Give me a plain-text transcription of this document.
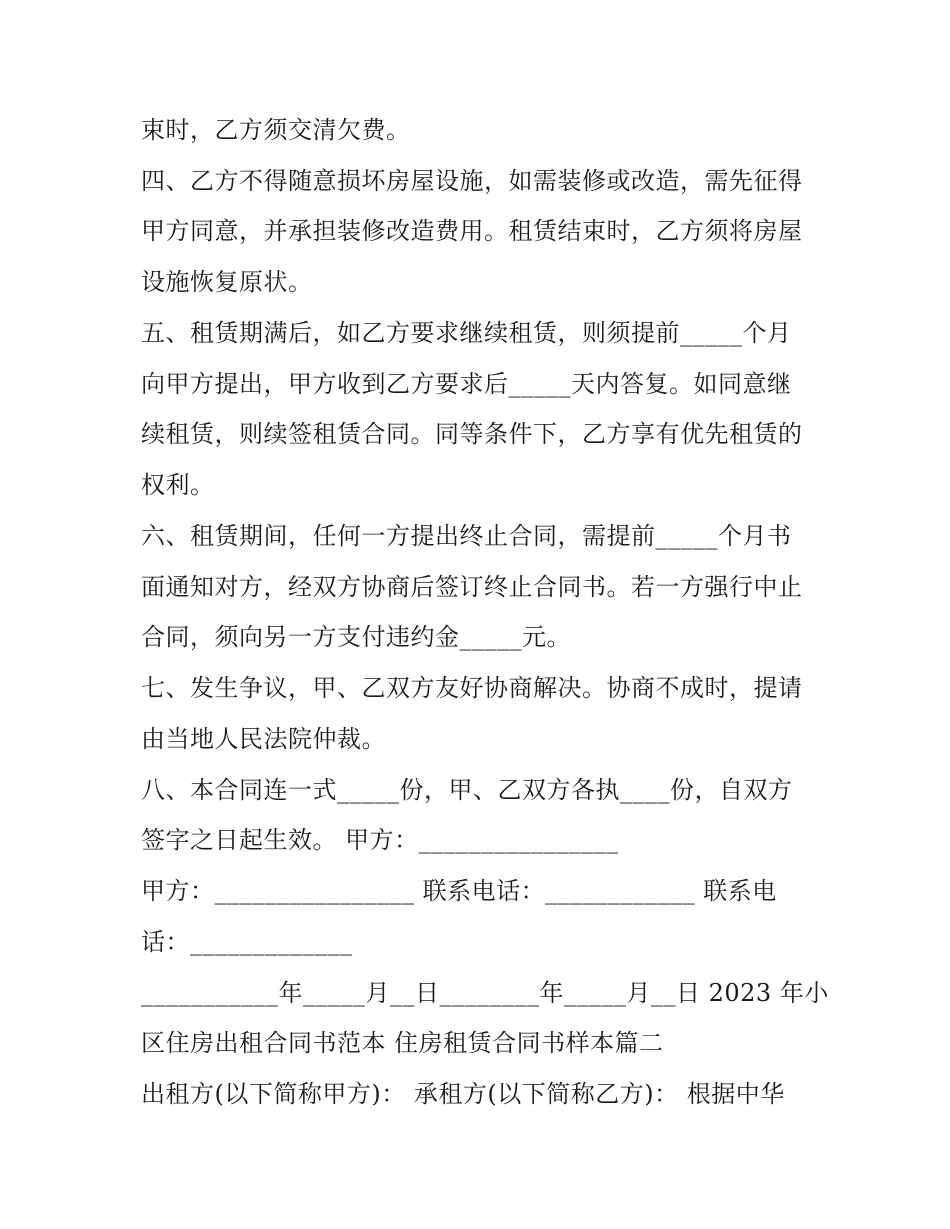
束时，乙方须交清欠费。
四、乙方不得随意损坏房屋设施，如需装修或改造，需先征得
甲方同意，并承担装修改造费用。租赁结束时，乙方须将房屋
设施恢复原状。
五、租赁期满后，如乙方要求继续租赁，则须提前_____个月
向甲方提出，甲方收到乙方要求后_____天内答复。如同意继
续租赁，则续签租赁合同。同等条件下，乙方享有优先租赁的
权利。
六、租赁期间，任何一方提出终止合同，需提前_____个月书
面通知对方，经双方协商后签订终止合同书。若一方强行中止
合同，须向另一方支付违约金_____元。
七、发生争议，甲、乙双方友好协商解决。协商不成时，提请
由当地人民法院仲裁。
八、本合同连一式_____份，甲、乙双方各执____份，自双方
签字之日起生效。 甲方：________________
甲方：________________ 联系电话：____________ 联系电
话：_____________
___________年_____月__日________年_____月__日 2023 年小
区住房出租合同书范本 住房租赁合同书样本篇二
出租方(以下简称甲方)： 承租方(以下简称乙方)： 根据中华
